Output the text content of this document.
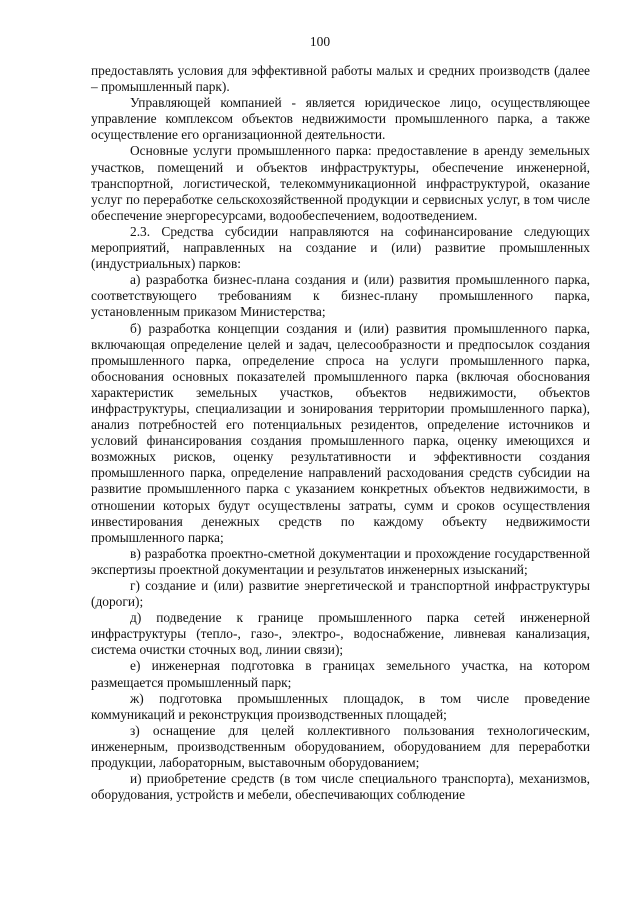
100

предоставлять условия для эффективной работы малых и средних производств (далее – промышленный парк).

Управляющей компанией - является юридическое лицо, осуществляющее управление комплексом объектов недвижимости промышленного парка, а также осуществление его организационной деятельности.

Основные услуги промышленного парка: предоставление в аренду земельных участков, помещений и объектов инфраструктуры, обеспечение инженерной, транспортной, логистической, телекоммуникационной инфраструктурой, оказание услуг по переработке сельскохозяйственной продукции и сервисных услуг, в том числе обеспечение энергоресурсами, водообеспечением, водоотведением.

2.3. Средства субсидии направляются на софинансирование следующих мероприятий, направленных на создание и (или) развитие промышленных (индустриальных) парков:

а) разработка бизнес-плана создания и (или) развития промышленного парка, соответствующего требованиям к бизнес-плану промышленного парка, установленным приказом Министерства;

б) разработка концепции создания и (или) развития промышленного парка, включающая определение целей и задач, целесообразности и предпосылок создания промышленного парка, определение спроса на услуги промышленного парка, обоснования основных показателей промышленного парка (включая обоснования характеристик земельных участков, объектов недвижимости, объектов инфраструктуры, специализации и зонирования территории промышленного парка), анализ потребностей его потенциальных резидентов, определение источников и условий финансирования создания промышленного парка, оценку имеющихся и возможных рисков, оценку результативности и эффективности создания промышленного парка, определение направлений расходования средств субсидии на развитие промышленного парка с указанием конкретных объектов недвижимости, в отношении которых будут осуществлены затраты, сумм и сроков осуществления инвестирования денежных средств по каждому объекту недвижимости промышленного парка;

в) разработка проектно-сметной документации и прохождение государственной экспертизы проектной документации и результатов инженерных изысканий;

г) создание и (или) развитие энергетической и транспортной инфраструктуры (дороги);

д) подведение к границе промышленного парка сетей инженерной инфраструктуры (тепло-, газо-, электро-, водоснабжение, ливневая канализация, система очистки сточных вод, линии связи);

е) инженерная подготовка в границах земельного участка, на котором размещается промышленный парк;

ж) подготовка промышленных площадок, в том числе проведение коммуникаций и реконструкция производственных площадей;

з) оснащение для целей коллективного пользования технологическим, инженерным, производственным оборудованием, оборудованием для переработки продукции, лабораторным, выставочным оборудованием;

и) приобретение средств (в том числе специального транспорта), механизмов, оборудования, устройств и мебели, обеспечивающих соблюдение
